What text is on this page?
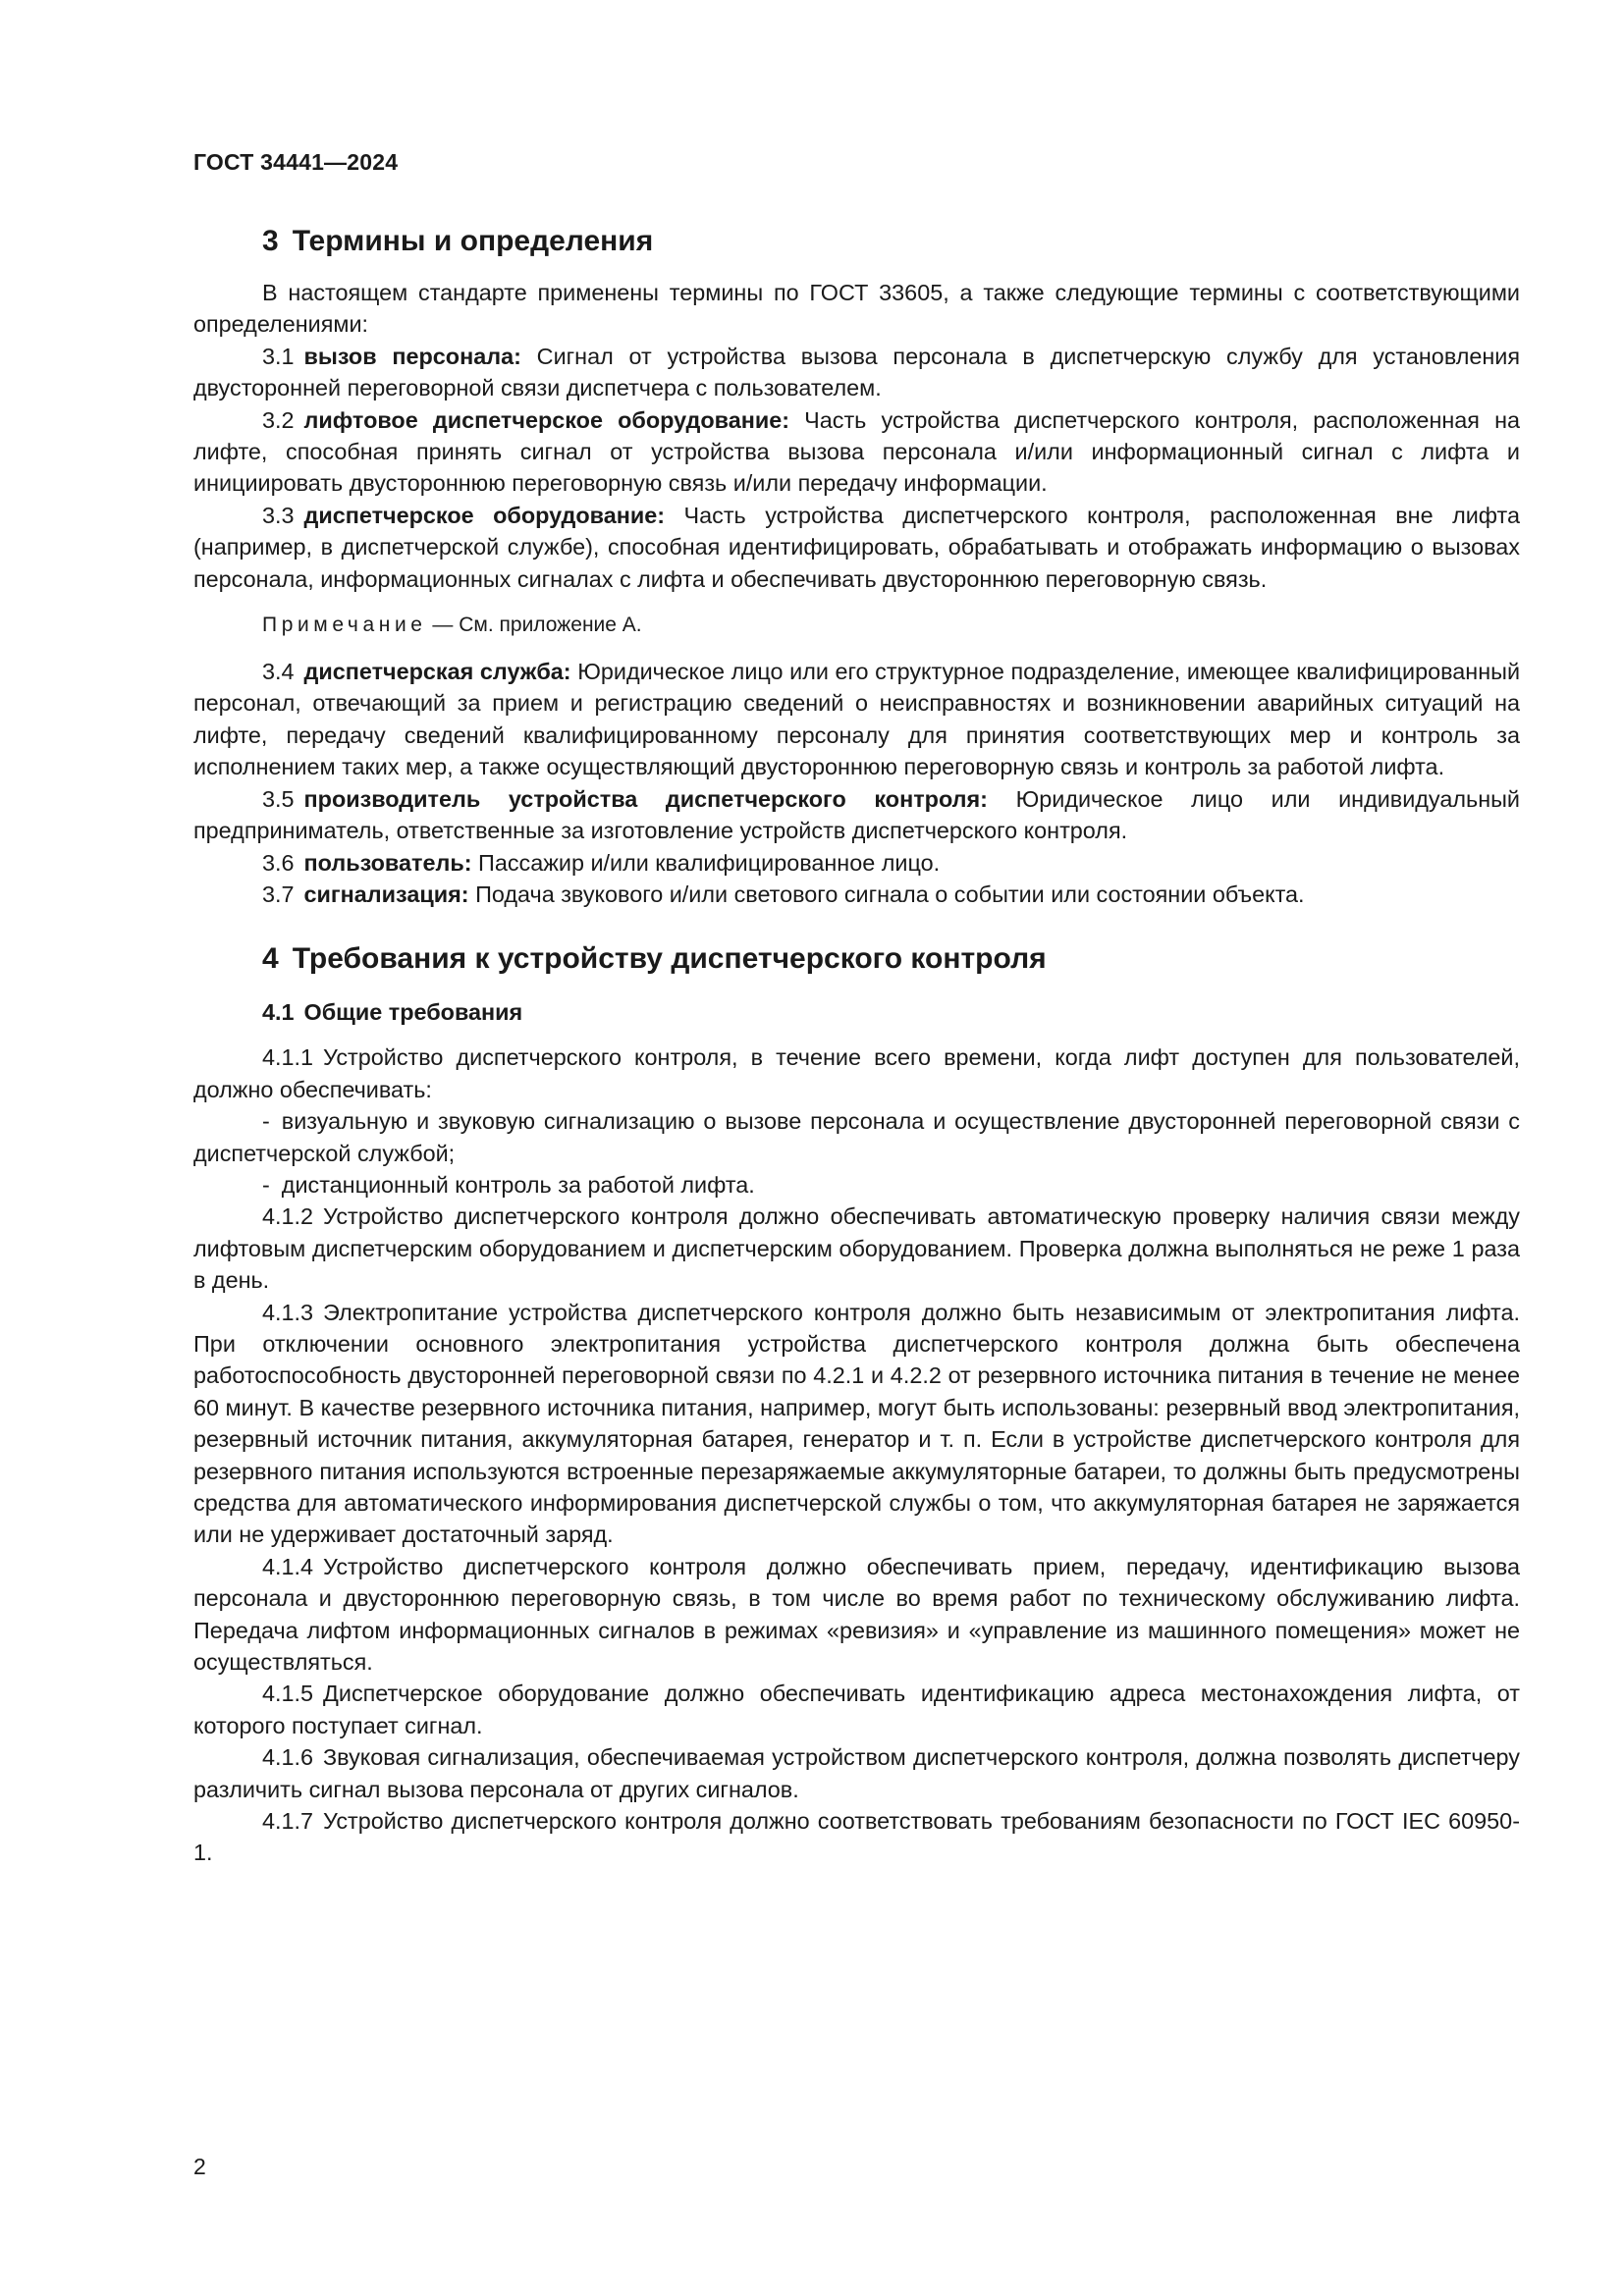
ГОСТ 34441—2024
3 Термины и определения

В настоящем стандарте применены термины по ГОСТ 33605, а также следующие термины с соответствующими определениями:

3.1 вызов персонала: Сигнал от устройства вызова персонала в диспетчерскую службу для установления двусторонней переговорной связи диспетчера с пользователем.

3.2 лифтовое диспетчерское оборудование: Часть устройства диспетчерского контроля, расположенная на лифте, способная принять сигнал от устройства вызова персонала и/или информационный сигнал с лифта и инициировать двустороннюю переговорную связь и/или передачу информации.

3.3 диспетчерское оборудование: Часть устройства диспетчерского контроля, расположенная вне лифта (например, в диспетчерской службе), способная идентифицировать, обрабатывать и отображать информацию о вызовах персонала, информационных сигналах с лифта и обеспечивать двустороннюю переговорную связь.

Примечание — См. приложение А.

3.4 диспетчерская служба: Юридическое лицо или его структурное подразделение, имеющее квалифицированный персонал, отвечающий за прием и регистрацию сведений о неисправностях и возникновении аварийных ситуаций на лифте, передачу сведений квалифицированному персоналу для принятия соответствующих мер и контроль за исполнением таких мер, а также осуществляющий двустороннюю переговорную связь и контроль за работой лифта.

3.5 производитель устройства диспетчерского контроля: Юридическое лицо или индивидуальный предприниматель, ответственные за изготовление устройств диспетчерского контроля.

3.6 пользователь: Пассажир и/или квалифицированное лицо.

3.7 сигнализация: Подача звукового и/или светового сигнала о событии или состоянии объекта.

4 Требования к устройству диспетчерского контроля
4.1 Общие требования

4.1.1 Устройство диспетчерского контроля, в течение всего времени, когда лифт доступен для пользователей, должно обеспечивать:

- визуальную и звуковую сигнализацию о вызове персонала и осуществление двусторонней переговорной связи с диспетчерской службой;

- дистанционный контроль за работой лифта.

4.1.2 Устройство диспетчерского контроля должно обеспечивать автоматическую проверку наличия связи между лифтовым диспетчерским оборудованием и диспетчерским оборудованием. Проверка должна выполняться не реже 1 раза в день.

4.1.3 Электропитание устройства диспетчерского контроля должно быть независимым от электропитания лифта. При отключении основного электропитания устройства диспетчерского контроля должна быть обеспечена работоспособность двусторонней переговорной связи по 4.2.1 и 4.2.2 от резервного источника питания в течение не менее 60 минут. В качестве резервного источника питания, например, могут быть использованы: резервный ввод электропитания, резервный источник питания, аккумуляторная батарея, генератор и т. п. Если в устройстве диспетчерского контроля для резервного питания используются встроенные перезаряжаемые аккумуляторные батареи, то должны быть предусмотрены средства для автоматического информирования диспетчерской службы о том, что аккумуляторная батарея не заряжается или не удерживает достаточный заряд.

4.1.4 Устройство диспетчерского контроля должно обеспечивать прием, передачу, идентификацию вызова персонала и двустороннюю переговорную связь, в том числе во время работ по техническому обслуживанию лифта. Передача лифтом информационных сигналов в режимах «ревизия» и «управление из машинного помещения» может не осуществляться.

4.1.5 Диспетчерское оборудование должно обеспечивать идентификацию адреса местонахождения лифта, от которого поступает сигнал.

4.1.6 Звуковая сигнализация, обеспечиваемая устройством диспетчерского контроля, должна позволять диспетчеру различить сигнал вызова персонала от других сигналов.

4.1.7 Устройство диспетчерского контроля должно соответствовать требованиям безопасности по ГОСТ IEC 60950-1.

2
